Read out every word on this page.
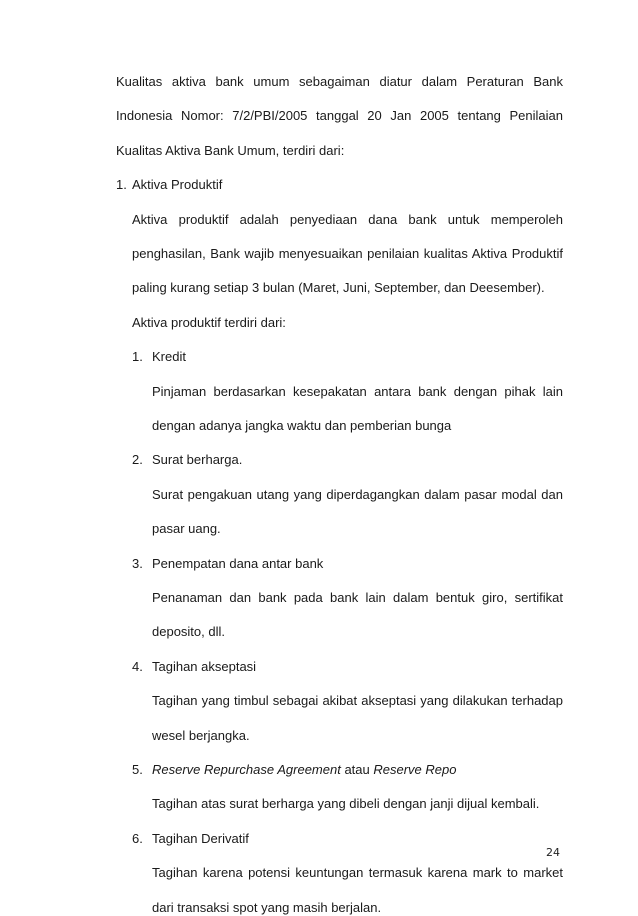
Kualitas aktiva bank umum sebagaiman diatur dalam Peraturan Bank
Indonesia Nomor: 7/2/PBI/2005 tanggal 20 Jan 2005 tentang Penilaian
Kualitas Aktiva Bank Umum, terdiri dari:
1. Aktiva Produktif
Aktiva produktif adalah penyediaan dana bank untuk memperoleh
penghasilan, Bank wajib menyesuaikan penilaian kualitas Aktiva Produktif
paling kurang setiap 3 bulan (Maret, Juni, September, dan Deesember).
Aktiva produktif terdiri dari:
1. Kredit
Pinjaman berdasarkan kesepakatan antara bank dengan pihak lain
dengan adanya jangka waktu dan pemberian bunga
2. Surat berharga.
Surat pengakuan utang yang diperdagangkan dalam pasar modal dan
pasar uang.
3. Penempatan dana antar bank
Penanaman dan bank pada bank lain dalam bentuk giro, sertifikat
deposito, dll.
4. Tagihan akseptasi
Tagihan yang timbul sebagai akibat akseptasi yang dilakukan terhadap
wesel berjangka.
5. Reserve Repurchase Agreement atau Reserve Repo
Tagihan atas surat berharga yang dibeli dengan janji dijual kembali.
6. Tagihan Derivatif
24
Tagihan karena potensi keuntungan termasuk karena mark to market
dari transaksi spot yang masih berjalan.
